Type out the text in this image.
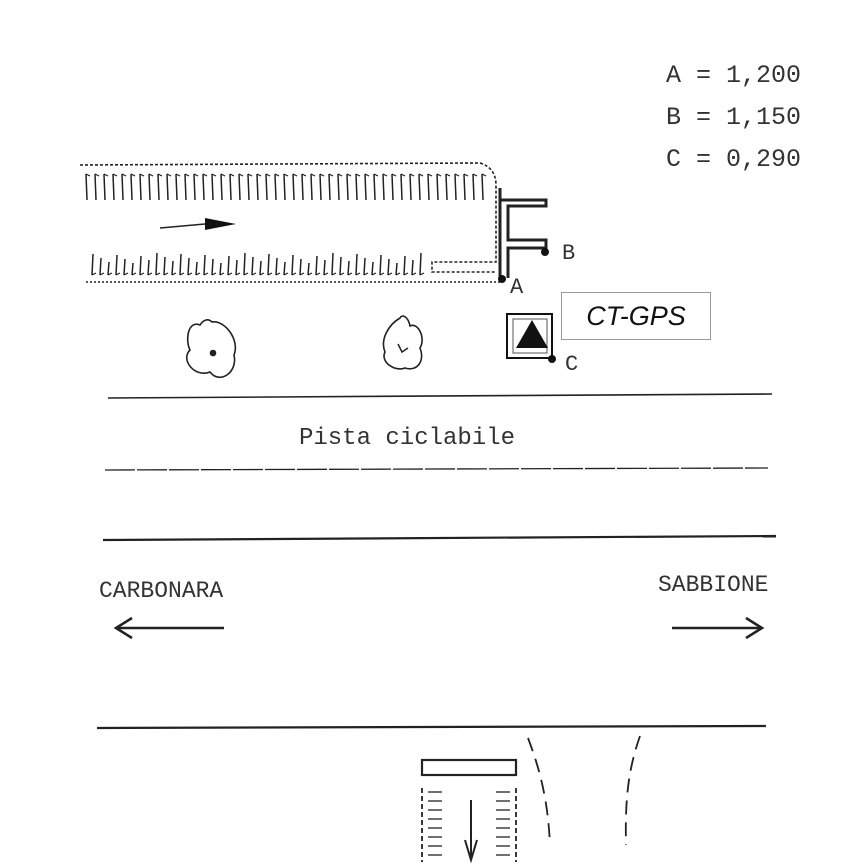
A
B
C
Pista ciclabile
CARBONARA	SABBIONE
A = 1,200
B = 1,150
C = 0,290
CT-GPS
